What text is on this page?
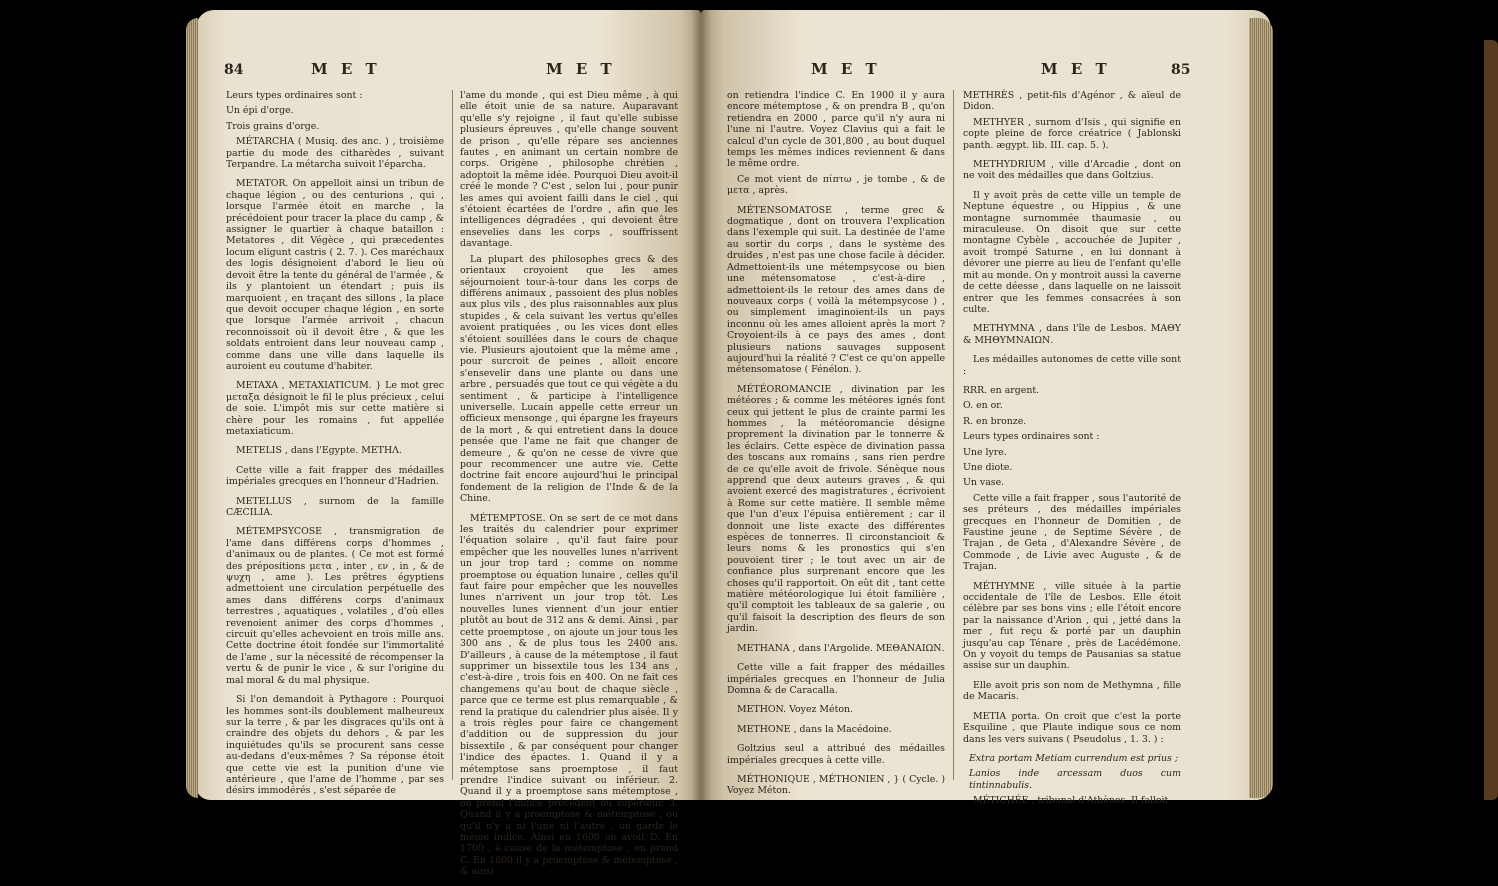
84	M E T	M E T

Leurs types ordinaires sont :

Un épi d'orge.

Trois grains d'orge.

MÉTARCHA ( Musiq. des anc. ) , troisième partie du mode des citharèdes , suivant Terpandre. La métarcha suivoit l'éparcha.

METATOR. On appelloit ainsi un tribun de chaque légion , ou des centurions , qui , lorsque l'armée étoit en marche , la précédoient pour tracer la place du camp , & assigner le quartier à chaque bataillon : Metatores , dit Végèce , qui præcedentes locum eligunt castris ( 2. 7. ). Ces maréchaux des logis désignoient d'abord le lieu où devoit être la tente du général de l'armée , & ils y plantoient un étendart ; puis ils marquoient , en traçant des sillons , la place que devoit occuper chaque légion , en sorte que lorsque l'armée arrivoit , chacun reconnoissoit où il devoit être , & que les soldats entroient dans leur nouveau camp , comme dans une ville dans laquelle ils auroient eu coutume d'habiter.

METAXA , METAXIATICUM. } Le mot grec μεταξα désignoit le fil le plus précieux , celui de soie. L'impôt mis sur cette matière si chère pour les romains , fut appellée metaxiaticum.

METELIS , dans l'Egypte. ΜΕΤΗΛ.

Cette ville a fait frapper des médailles impériales grecques en l'honneur d'Hadrien.

METELLUS , surnom de la famille CÆCILIA.

MÉTEMPSYCOSE , transmigration de l'ame dans différens corps d'hommes , d'animaux ou de plantes. ( Ce mot est formé des prépositions μετα , inter , εν , in , & de ψυχη , ame ). Les prêtres égyptiens admettoient une circulation perpétuelle des ames dans différens corps d'animaux terrestres , aquatiques , volatiles , d'où elles revenoient animer des corps d'hommes , circuit qu'elles achevoient en trois mille ans. Cette doctrine étoit fondée sur l'immortalité de l'ame , sur la nécessité de récompenser la vertu & de punir le vice , & sur l'origine du mal moral & du mal physique.

Si l'on demandoit à Pythagore : Pourquoi les hommes sont-ils doublement malheureux sur la terre , & par les disgraces qu'ils ont à craindre des objets du dehors , & par les inquiétudes qu'ils se procurent sans cesse au-dedans d'eux-mêmes ? Sa réponse étoit que cette vie est la punition d'une vie antérieure , que l'ame de l'homme , par ses désirs immodérés , s'est séparée de

l'ame du monde , qui est Dieu même , à qui elle étoit unie de sa nature. Auparavant qu'elle s'y rejoigne , il faut qu'elle subisse plusieurs épreuves , qu'elle change souvent de prison , qu'elle répare ses anciennes fautes , en animant un certain nombre de corps. Origène , philosophe chrétien , adoptoit la même idée. Pourquoi Dieu avoit-il créé le monde ? C'est , selon lui , pour punir les ames qui avoient failli dans le ciel , qui s'étoient écartées de l'ordre , afin que les intelligences dégradées , qui devoient être ensevelies dans les corps , souffrissent davantage.

La plupart des philosophes grecs & des orientaux croyoient que les ames séjournoient tour-à-tour dans les corps de différens animaux , passoient des plus nobles aux plus vils , des plus raisonnables aux plus stupides , & cela suivant les vertus qu'elles avoient pratiquées , ou les vices dont elles s'étoient souillées dans le cours de chaque vie. Plusieurs ajoutoient que la même ame , pour surcroit de peines , alloit encore s'ensevelir dans une plante ou dans une arbre , persuadés que tout ce qui végète a du sentiment , & participe à l'intelligence universelle. Lucain appelle cette erreur un officieux mensonge , qui épargne les frayeurs de la mort , & qui entretient dans la douce pensée que l'ame ne fait que changer de demeure , & qu'on ne cesse de vivre que pour recommencer une autre vie. Cette doctrine fait encore aujourd'hui le principal fondement de la religion de l'Inde & de la Chine.

MÉTEMPTOSE. On se sert de ce mot dans les traités du calendrier pour exprimer l'équation solaire , qu'il faut faire pour empêcher que les nouvelles lunes n'arrivent un jour trop tard ; comme on nomme proemptose ou équation lunaire , celles qu'il faut faire pour empêcher que les nouvelles lunes n'arrivent un jour trop tôt. Les nouvelles lunes viennent d'un jour entier plutôt au bout de 312 ans & demi. Ainsi , par cette proemptose , on ajoute un jour tous les 300 ans , & de plus tous les 2400 ans. D'ailleurs , à cause de la métemptose , il faut supprimer un bissextile tous les 134 ans , c'est-à-dire , trois fois en 400. On ne fait ces changemens qu'au bout de chaque siècle , parce que ce terme est plus remarquable , & rend la pratique du calendrier plus aisée. Il y a trois règles pour faire ce changement d'addition ou de suppression du jour bissextile , & par conséquent pour changer l'indice des épactes. 1. Quand il y a métemptose sans proemptose , il faut prendre l'indice suivant ou inférieur. 2. Quand il y a proemptose sans métemptose , on prend l'indice précédent ou supérieur. 3. Quand il y a proemptose & métemptose , ou qu'il n'y a ni l'une ni l'autre , on garde le même indice. Ainsi en 1600 on avoit D. En 1700 , à cause de la métemptose , on prend C. En 1800 il y a proemptose & métemptose , & ainsi

M E T	M E T	85

on retiendra l'indice C. En 1900 il y aura encore métemptose , & on prendra B , qu'on retiendra en 2000 , parce qu'il n'y aura ni l'une ni l'autre. Voyez Clavius qui a fait le calcul d'un cycle de 301,800 , au bout duquel temps les mêmes indices reviennent & dans le même ordre.

Ce mot vient de πίπτω , je tombe , & de μετα , après.

MÉTENSOMATOSE , terme grec & dogmatique , dont on trouvera l'explication dans l'exemple qui suit. La destinée de l'ame au sortir du corps , dans le système des druides , n'est pas une chose facile à décider. Admettoient-ils une métempsycose ou bien une métensomatose , c'est-à-dire , admettoient-ils le retour des ames dans de nouveaux corps ( voilà la métempsycose ) , ou simplement imaginoient-ils un pays inconnu où les ames alloient après la mort ? Croyoient-ils à ce pays des ames , dont plusieurs nations sauvages supposent aujourd'hui la réalité ? C'est ce qu'on appelle métensomatose ( Fénélon. ).

MÉTÉOROMANCIE , divination par les météores ; & comme les météores ignés font ceux qui jettent le plus de crainte parmi les hommes , la météoromancie désigne proprement la divination par le tonnerre & les éclairs. Cette espèce de divination passa des toscans aux romains , sans rien perdre de ce qu'elle avoit de frivole. Sénèque nous apprend que deux auteurs graves , & qui avoient exercé des magistratures , écrivoient à Rome sur cette matière. Il semble même que l'un d'eux l'épuisa entièrement ; car il donnoit une liste exacte des différentes espèces de tonnerres. Il circonstancioit & leurs noms & les pronostics qui s'en pouvoient tirer ; le tout avec un air de confiance plus surprenant encore que les choses qu'il rapportoit. On eût dit , tant cette matière météorologique lui étoit familière , qu'il comptoit les tableaux de sa galerie , ou qu'il faisoit la description des fleurs de son jardin.

METHANA , dans l'Argolide. ΜΕΘΑΝΑΙΩΝ.

Cette ville a fait frapper des médailles impériales grecques en l'honneur de Julia Domna & de Caracalla.

METHON. Voyez Méton.

METHONE , dans la Macédoine.

Goltzius seul a attribué des médailles impériales grecques à cette ville.

MÉTHONIQUE , MÉTHONIEN , } ( Cycle. ) Voyez Méton.

METHRÈS , petit-fils d'Agénor , & aïeul de Didon.

METHYER , surnom d'Isis , qui signifie en copte pleine de force créatrice ( Jablonski panth. ægypt. lib. III. cap. 5. ).

METHYDRIUM , ville d'Arcadie , dont on ne voit des médailles que dans Goltzius.

Il y avoit près de cette ville un temple de Neptune équestre , ou Hippius , & une montagne surnommée thaumasie , ou miraculeuse. On disoit que sur cette montagne Cybèle , accouchée de Jupiter , avoit trompé Saturne , en lui donnant à dévorer une pierre au lieu de l'enfant qu'elle mit au monde. On y montroit aussi la caverne de cette déesse , dans laquelle on ne laissoit entrer que les femmes consacrées à son culte.

METHYMNA , dans l'île de Lesbos. ΜΑΘΥ & ΜΗΘΥΜΝΑΙΩΝ.

Les médailles autonomes de cette ville sont :

RRR. en argent.

O. en or.

R. en bronze.

Leurs types ordinaires sont :

Une lyre.

Une diote.

Un vase.

Cette ville a fait frapper , sous l'autorité de ses préteurs , des médailles impériales grecques en l'honneur de Domitien , de Faustine jeune , de Septime Sévère , de Trajan , de Geta , d'Alexandre Sévère , de Commode , de Livie avec Auguste , & de Trajan.

MÉTHYMNE , ville située à la partie occidentale de l'île de Lesbos. Elle étoit célèbre par ses bons vins ; elle l'étoit encore par la naissance d'Arion , qui , jetté dans la mer , fut reçu & porté par un dauphin jusqu'au cap Ténare , près de Lacédémone. On y voyoit du temps de Pausanias sa statue assise sur un dauphin.

Elle avoit pris son nom de Methymna , fille de Macaris.

METIA porta. On croit que c'est la porte Esquiline , que Plaute indique sous ce nom dans les vers suivans ( Pseudolus , 1. 3. ) :

Extra portam Metiam currendum est prius ;

Lanios inde arcessam duos cum tintinnabulis.

MÉTICHÉE , tribunal d'Athènes. Il falloit
